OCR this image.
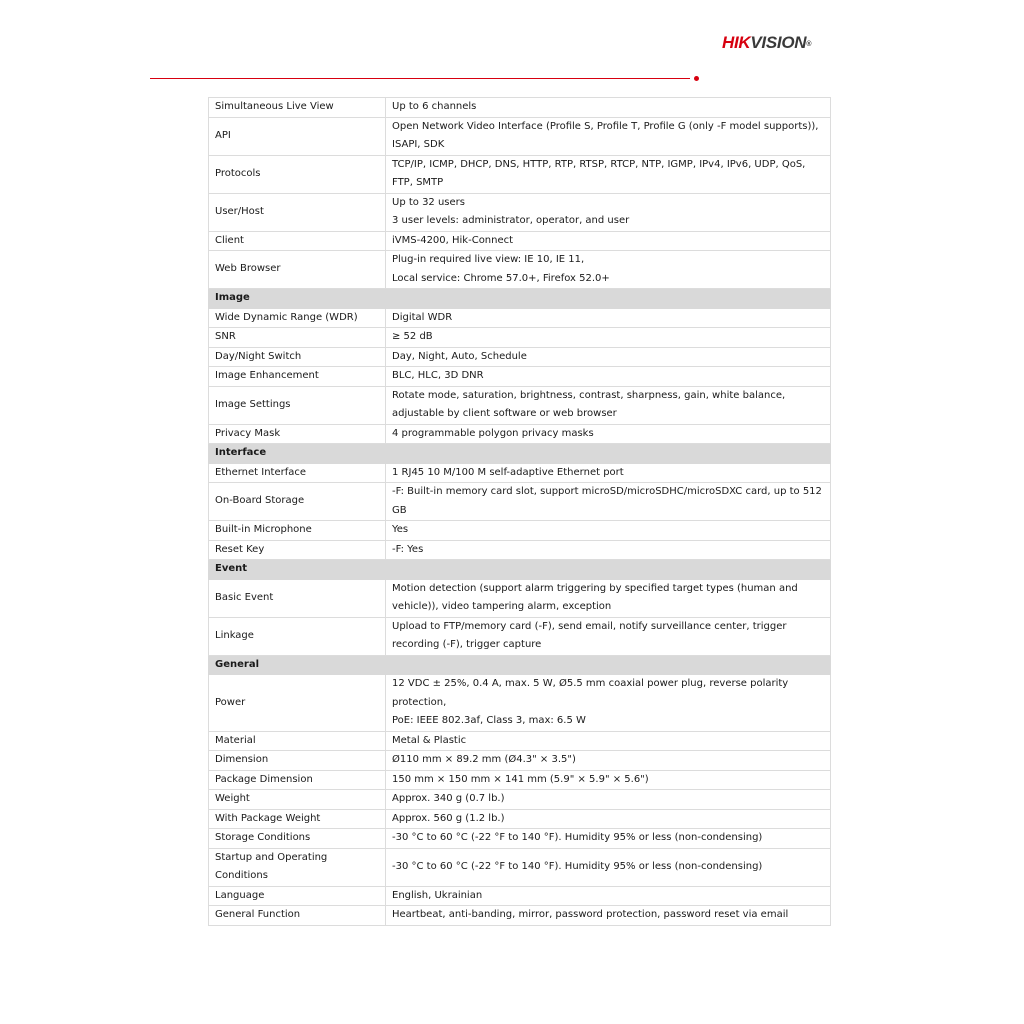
HIKVISION®
Simultaneous Live View	Up to 6 channels

API	Open Network Video Interface (Profile S, Profile T, Profile G (only -F model supports)),
ISAPI, SDK

Protocols	TCP/IP, ICMP, DHCP, DNS, HTTP, RTP, RTSP, RTCP, NTP, IGMP, IPv4, IPv6, UDP, QoS,
FTP, SMTP

User/Host	Up to 32 users
3 user levels: administrator, operator, and user

Client	iVMS-4200, Hik-Connect

Web Browser	Plug-in required live view: IE 10, IE 11,
Local service: Chrome 57.0+, Firefox 52.0+

Image	
Wide Dynamic Range (WDR)	Digital WDR

SNR	≥ 52 dB

Day/Night Switch	Day, Night, Auto, Schedule

Image Enhancement	BLC, HLC, 3D DNR

Image Settings	Rotate mode, saturation, brightness, contrast, sharpness, gain, white balance,
adjustable by client software or web browser

Privacy Mask	4 programmable polygon privacy masks

Interface	
Ethernet Interface	1 RJ45 10 M/100 M self-adaptive Ethernet port

On-Board Storage	-F: Built-in memory card slot, support microSD/microSDHC/microSDXC card, up to 512
GB

Built-in Microphone	Yes

Reset Key	-F: Yes

Event	
Basic Event	Motion detection (support alarm triggering by specified target types (human and
vehicle)), video tampering alarm, exception

Linkage	Upload to FTP/memory card (-F), send email, notify surveillance center, trigger
recording (-F), trigger capture

General	
Power	12 VDC ± 25%, 0.4 A, max. 5 W, Ø5.5 mm coaxial power plug, reverse polarity
protection,
PoE: IEEE 802.3af, Class 3, max: 6.5 W

Material	Metal & Plastic

Dimension	Ø110 mm × 89.2 mm (Ø4.3" × 3.5")

Package Dimension	150 mm × 150 mm × 141 mm (5.9" × 5.9" × 5.6")

Weight	Approx. 340 g (0.7 lb.)

With Package Weight	Approx. 560 g (1.2 lb.)

Storage Conditions	-30 °C to 60 °C (-22 °F to 140 °F). Humidity 95% or less (non-condensing)

Startup and Operating
Conditions	-30 °C to 60 °C (-22 °F to 140 °F). Humidity 95% or less (non-condensing)

Language	English, Ukrainian

General Function	Heartbeat, anti-banding, mirror, password protection, password reset via email
